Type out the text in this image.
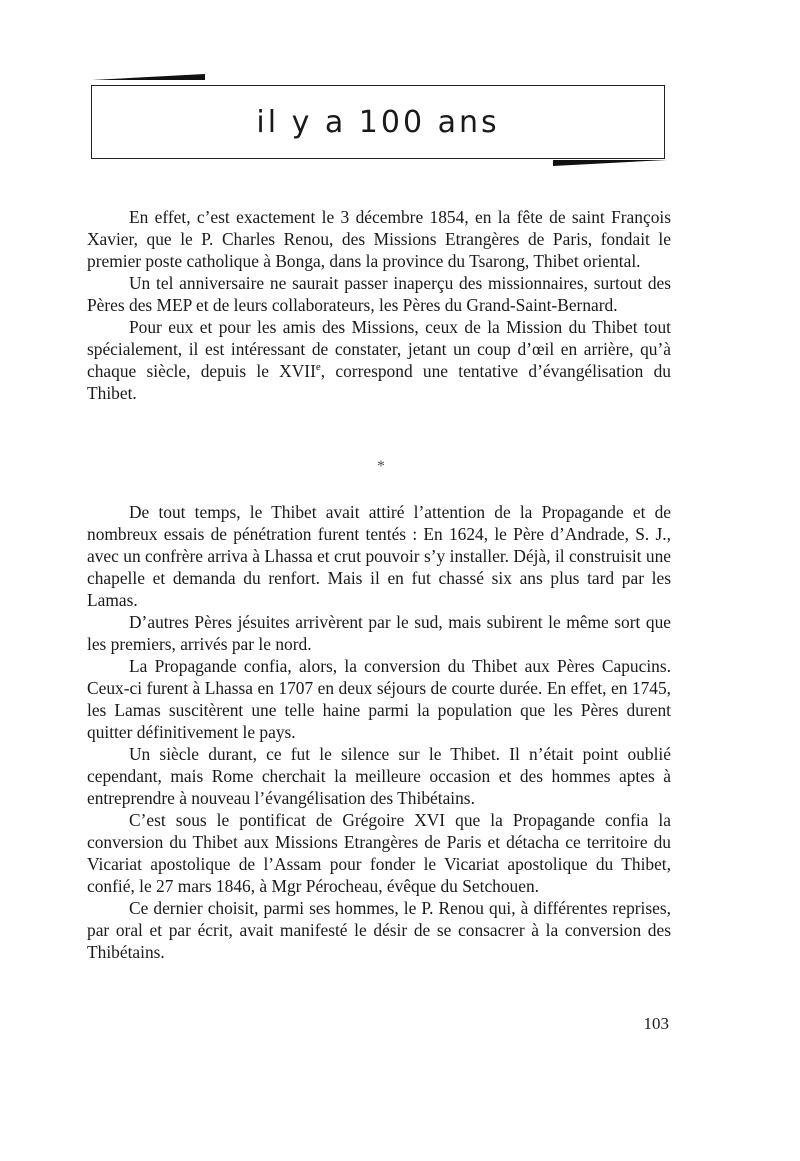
il y a 100 ans

En effet, c’est exactement le 3 décembre 1854, en la fête de saint François Xavier, que le P. Charles Renou, des Missions Etrangères de Paris, fondait le premier poste catholique à Bonga, dans la province du Tsarong, Thibet oriental.

Un tel anniversaire ne saurait passer inaperçu des missionnaires, surtout des Pères des MEP et de leurs collaborateurs, les Pères du Grand-Saint-Bernard.

Pour eux et pour les amis des Missions, ceux de la Mission du Thibet tout spécialement, il est intéressant de constater, jetant un coup d’œil en arrière, qu’à chaque siècle, depuis le XVIIe, correspond une tentative d’évangélisation du Thibet.

*

De tout temps, le Thibet avait attiré l’attention de la Propagande et de nombreux essais de pénétration furent tentés : En 1624, le Père d’Andrade, S. J., avec un confrère arriva à Lhassa et crut pouvoir s’y installer. Déjà, il construisit une chapelle et demanda du renfort. Mais il en fut chassé six ans plus tard par les Lamas.

D’autres Pères jésuites arrivèrent par le sud, mais subirent le même sort que les premiers, arrivés par le nord.

La Propagande confia, alors, la conversion du Thibet aux Pères Capucins. Ceux-ci furent à Lhassa en 1707 en deux séjours de courte durée. En effet, en 1745, les Lamas suscitèrent une telle haine parmi la population que les Pères durent quitter définitivement le pays.

Un siècle durant, ce fut le silence sur le Thibet. Il n’était point oublié cependant, mais Rome cherchait la meilleure occasion et des hommes aptes à entreprendre à nouveau l’évangélisation des Thibétains.

C’est sous le pontificat de Grégoire XVI que la Propagande confia la conversion du Thibet aux Missions Etrangères de Paris et détacha ce territoire du Vicariat apostolique de l’Assam pour fonder le Vicariat apostolique du Thibet, confié, le 27 mars 1846, à Mgr Pérocheau, évêque du Setchouen.

Ce dernier choisit, parmi ses hommes, le P. Renou qui, à différentes reprises, par oral et par écrit, avait manifesté le désir de se consacrer à la conversion des Thibétains.

103
